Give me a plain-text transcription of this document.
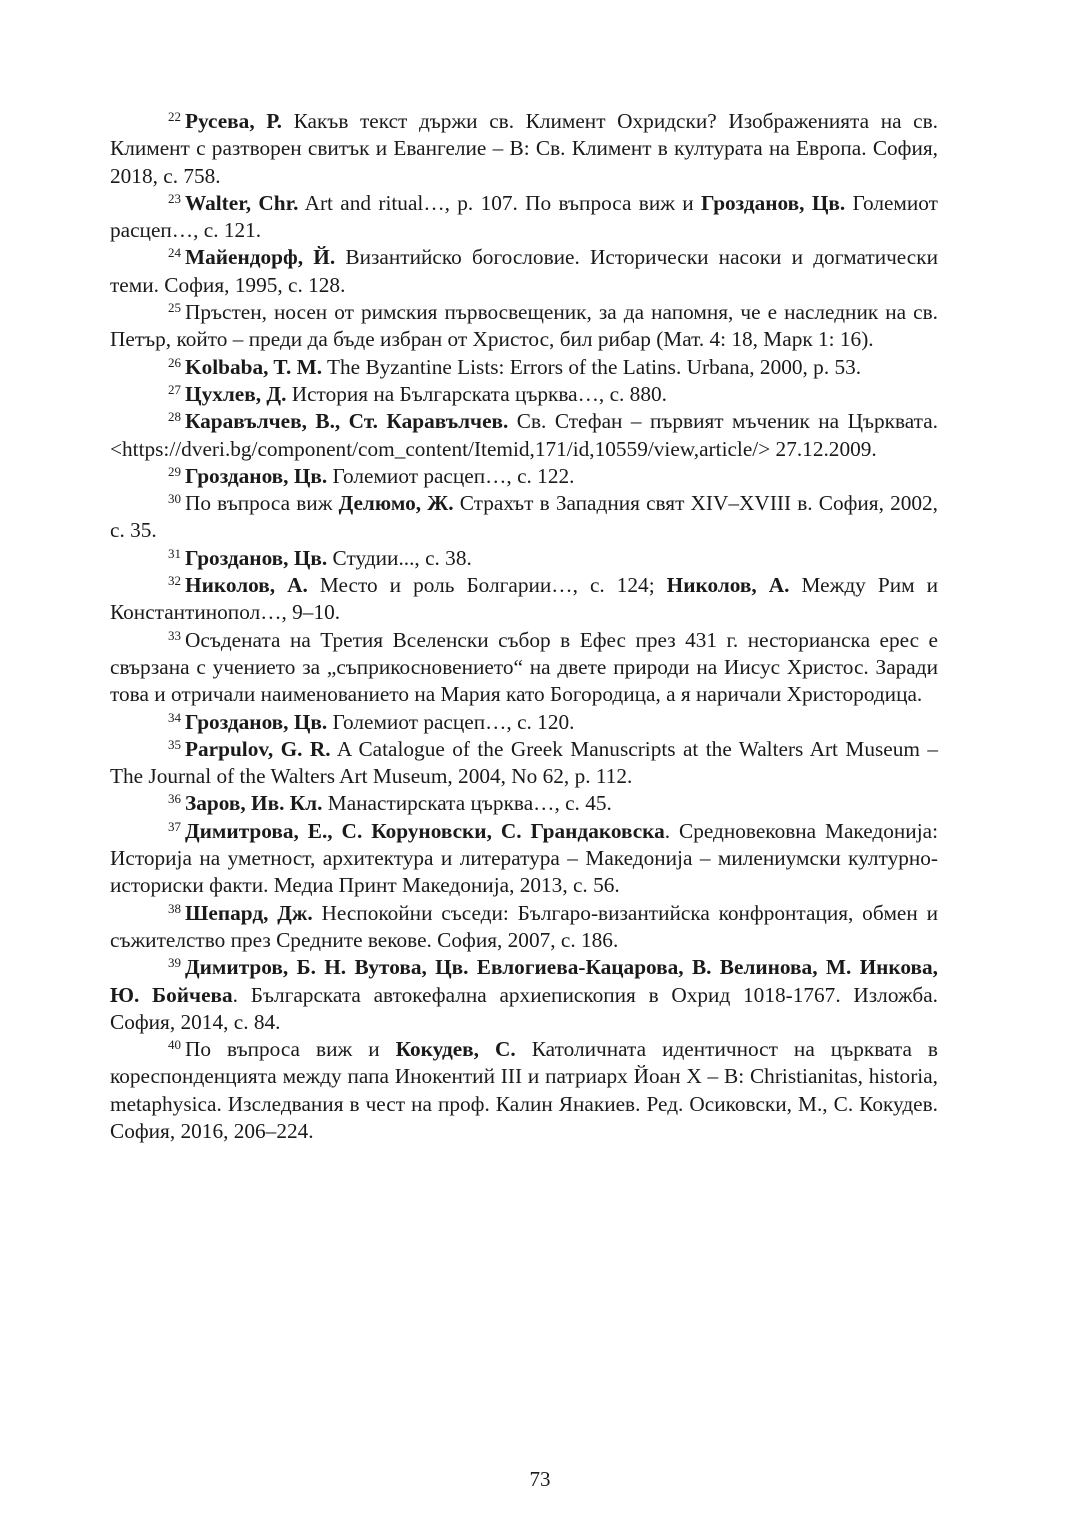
$^{22}$ Русева, Р. Какъв текст държи св. Климент Охридски? Изображенията на св. Климент с разтворен свитък и Евангелие – В: Св. Климент в културата на Европа. София, 2018, с. 758.

$^{23}$ Walter, Chr. Art and ritual…, p. 107. По въпроса виж и Грозданов, Цв. Големиот расцеп…, с. 121.

$^{24}$ Майендорф, Й. Византийско богословие. Исторически насоки и догматически теми. София, 1995, с. 128.

$^{25}$ Пръстен, носен от римския първосвещеник, за да напомня, че е наследник на св. Петър, който – преди да бъде избран от Христос, бил рибар (Мат. 4: 18, Марк 1: 16).

$^{26}$ Kolbaba, T. M. The Byzantine Lists: Errors of the Latins. Urbana, 2000, p. 53.

$^{27}$ Цухлев, Д. История на Българската църква…, с. 880.

$^{28}$ Каравълчев, В., Ст. Каравълчев. Св. Стефан – първият мъченик на Църквата. <https://dveri.bg/component/com_content/Itemid,171/id,10559/view,article/> 27.12.2009.

$^{29}$ Грозданов, Цв. Големиот расцеп…, с. 122.

$^{30}$ По въпроса виж Делюмо, Ж. Страхът в Западния свят XIV–XVIII в. София, 2002, с. 35.

$^{31}$ Грозданов, Цв. Студии..., с. 38.

$^{32}$ Николов, А. Место и роль Болгарии…, с. 124; Николов, А. Между Рим и Константинопол…, 9–10.

$^{33}$ Осъдената на Третия Вселенски събор в Ефес през 431 г. несторианска ерес е свързана с учението за „съприкосновението“ на двете природи на Иисус Христос. Заради това и отричали наименованието на Мария като Богородица, а я наричали Христородица.

$^{34}$ Грозданов, Цв. Големиот расцеп…, с. 120.

$^{35}$ Parpulov, G. R. A Catalogue of the Greek Manuscripts at the Walters Art Museum – The Journal of the Walters Art Museum, 2004, No 62, p. 112.

$^{36}$ Заров, Ив. Кл. Манастирската църква…, с. 45.

$^{37}$ Димитрова, Е., С. Коруновски, С. Грандаковска. Средновековна Македонија: Историја на уметност, архитектура и литература – Македонија – милениумски културно-историски факти. Медиа Принт Македонија, 2013, с. 56.

$^{38}$ Шепард, Дж. Неспокойни съседи: Българо-византийска конфронтация, обмен и съжителство през Средните векове. София, 2007, с. 186.

$^{39}$ Димитров, Б. Н. Вутова, Цв. Евлогиева-Кацарова, В. Велинова, М. Инкова, Ю. Бойчева. Българската автокефална архиепископия в Охрид 1018-1767. Изложба. София, 2014, с. 84.

$^{40}$ По въпроса виж и Кокудев, С. Католичната идентичност на църквата в кореспонденцията между папа Инокентий III и патриарх Йоан X – B: Christianitas, historia, metaphysica. Изследвания в чест на проф. Калин Янакиев. Ред. Осиковски, М., С. Кокудев. София, 2016, 206–224.

73
